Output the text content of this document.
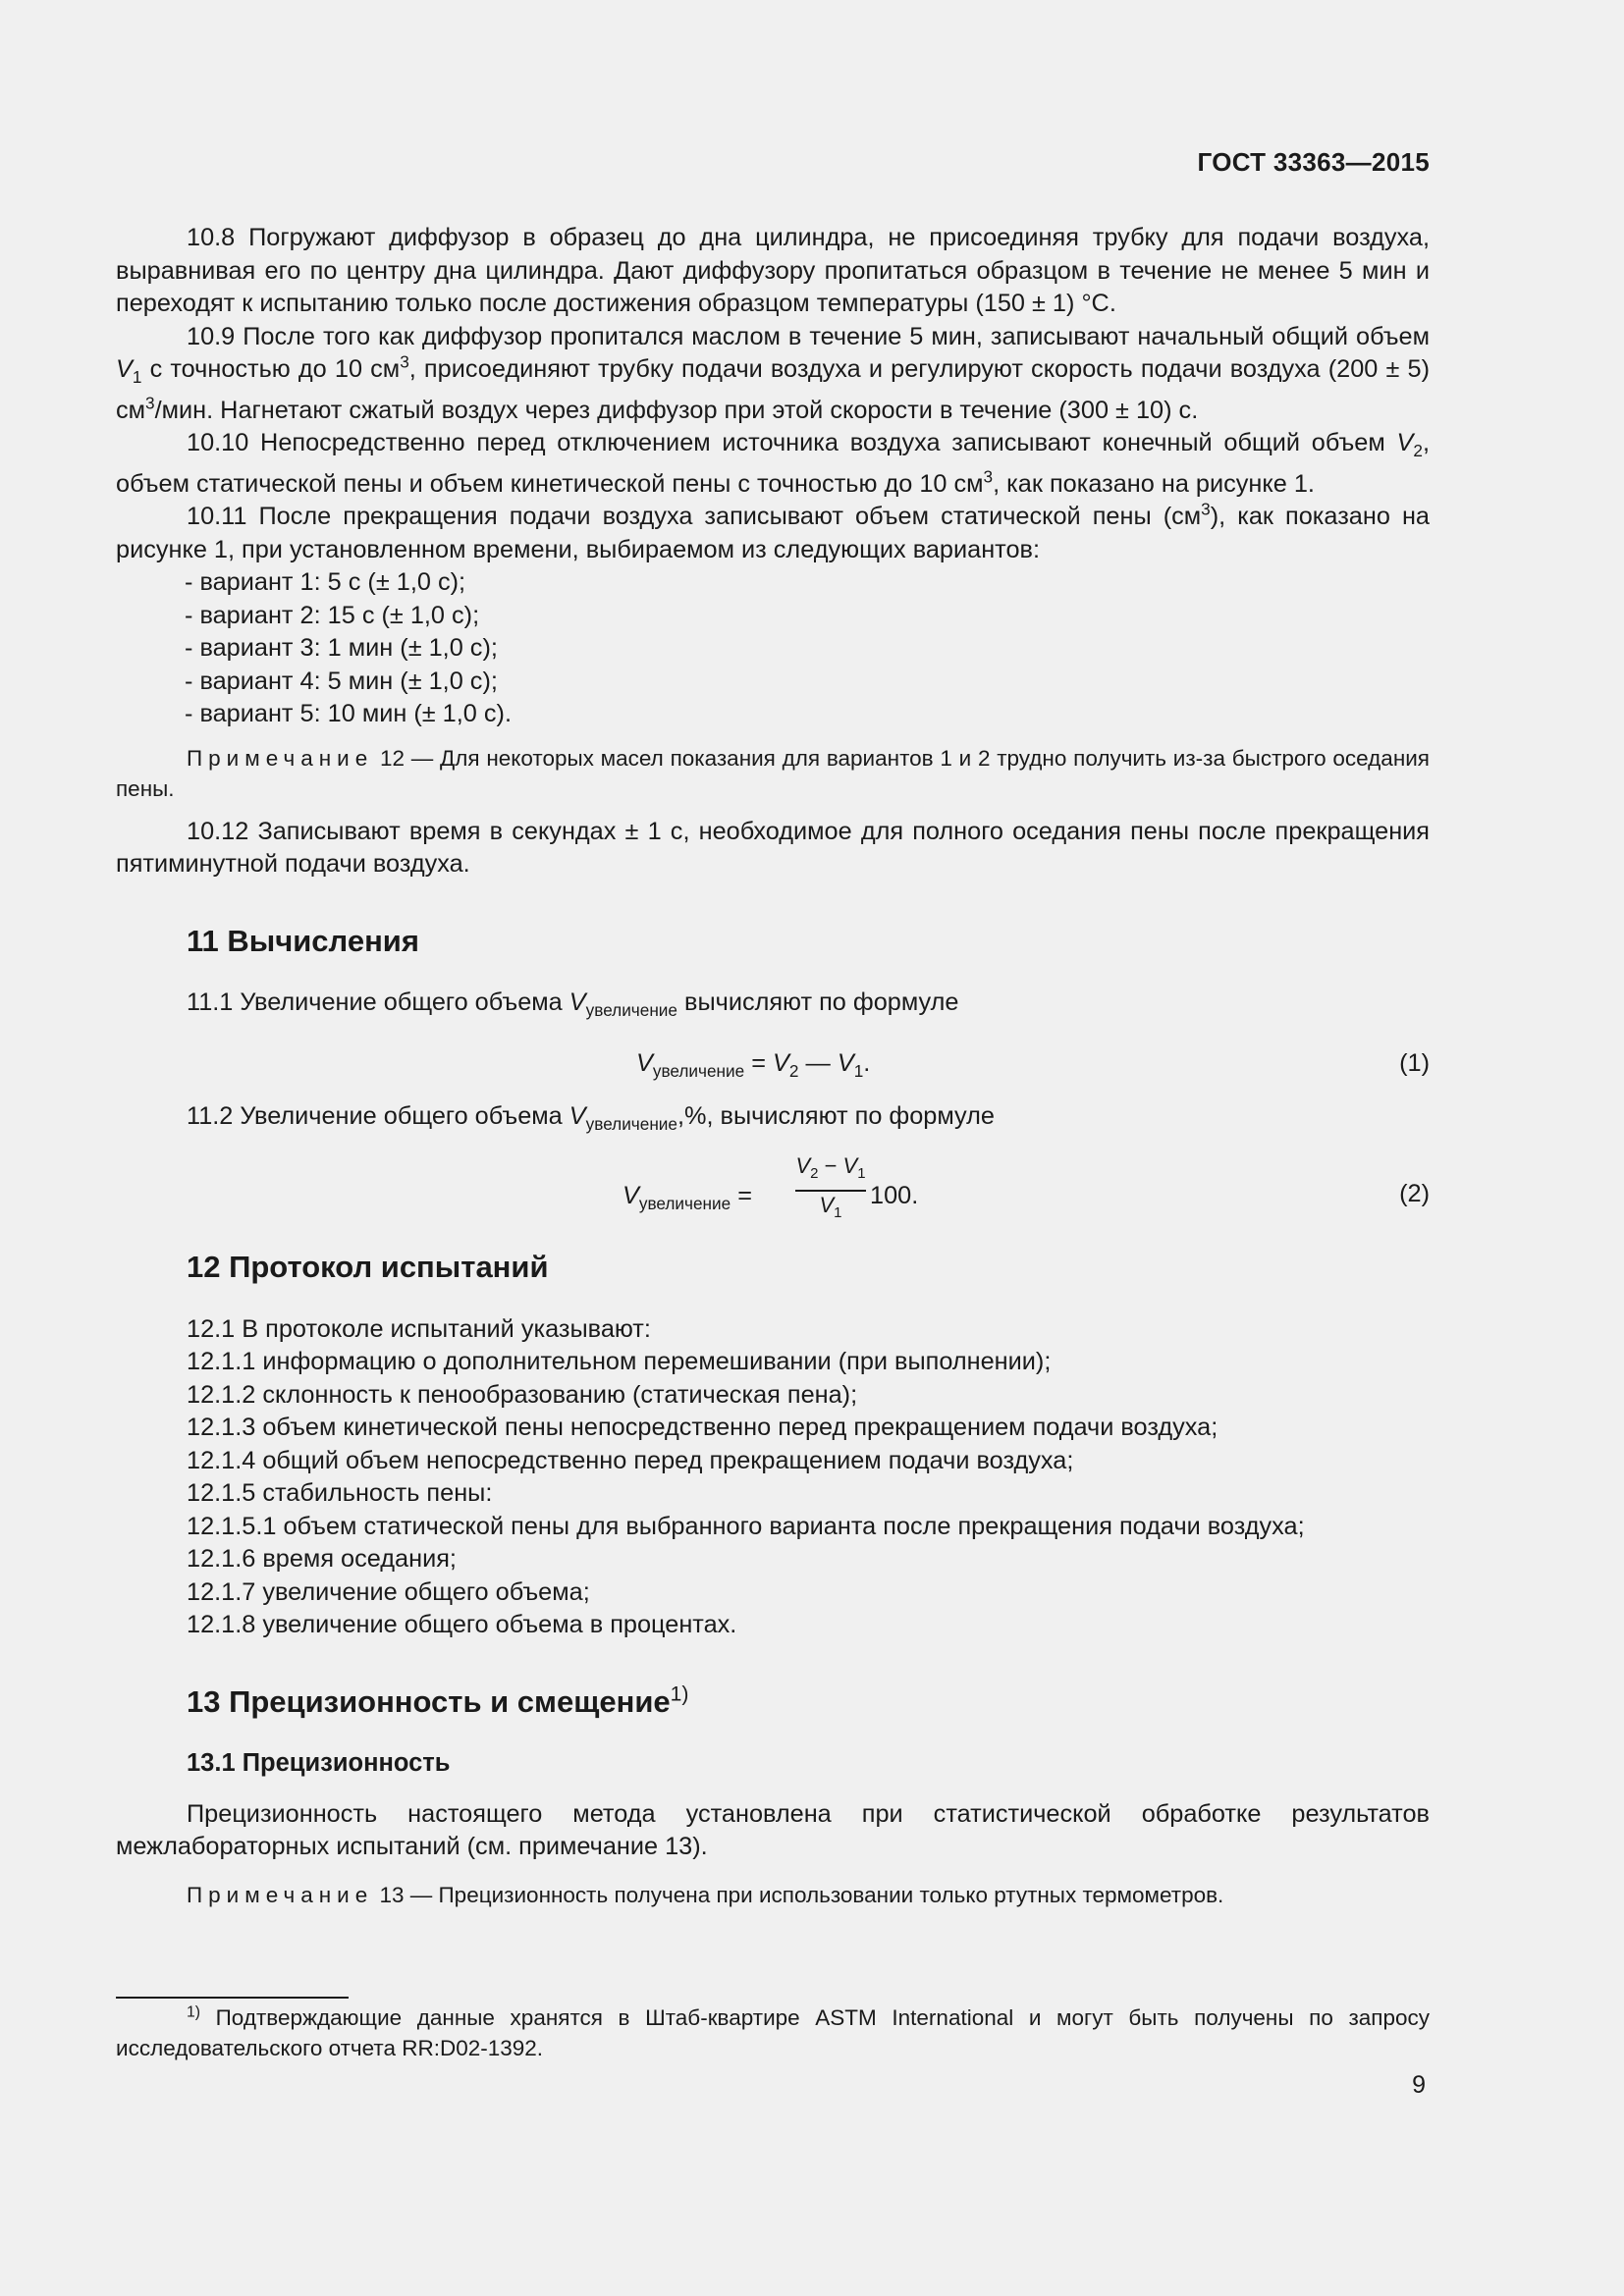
ГОСТ 33363—2015

10.8 Погружают диффузор в образец до дна цилиндра, не присоединяя трубку для подачи воздуха, выравнивая его по центру дна цилиндра. Дают диффузору пропитаться образцом в течение не менее 5 мин и переходят к испытанию только после достижения образцом температуры (150 ± 1) °С.

10.9 После того как диффузор пропитался маслом в течение 5 мин, записывают начальный общий объем $V_1$ с точностью до 10 $см^3$, присоединяют трубку подачи воздуха и регулируют скорость подачи воздуха (200 ± 5) $см^3$/мин. Нагнетают сжатый воздух через диффузор при этой скорости в течение (300 ± 10) с.

10.10 Непосредственно перед отключением источника воздуха записывают конечный общий объем $V_2$, объем статической пены и объем кинетической пены с точностью до 10 $см^3$, как показано на рисунке 1.

10.11 После прекращения подачи воздуха записывают объем статической пены $(см^3)$, как показано на рисунке 1, при установленном времени, выбираемом из следующих вариантов:

- вариант 1: 5 с (± 1,0 с);

- вариант 2: 15 с (± 1,0 с);

- вариант 3: 1 мин (± 1,0 с);

- вариант 4: 5 мин (± 1,0 с);

- вариант 5: 10 мин (± 1,0 с).

Примечание 12 — Для некоторых масел показания для вариантов 1 и 2 трудно получить из-за быстрого оседания пены.

10.12 Записывают время в секундах ± 1 с, необходимое для полного оседания пены после прекращения пятиминутной подачи воздуха.

11 Вычисления

11.1 Увеличение общего объема $V_{увеличение}$ вычисляют по формуле

$V_{увеличение} = V_2$ — $V_1$.	(1)

11.2 Увеличение общего объема $V_{увеличение},\%$, вычисляют по формуле

$V_{увеличение}$ =
$V_2 - V_1$
$V_1$
100.	(2)
12 Протокол испытаний

12.1 В протоколе испытаний указывают:

12.1.1 информацию о дополнительном перемешивании (при выполнении);

12.1.2 склонность к пенообразованию (статическая пена);

12.1.3 объем кинетической пены непосредственно перед прекращением подачи воздуха;

12.1.4 общий объем непосредственно перед прекращением подачи воздуха;

12.1.5 стабильность пены:

12.1.5.1 объем статической пены для выбранного варианта после прекращения подачи воздуха;

12.1.6 время оседания;

12.1.7 увеличение общего объема;

12.1.8 увеличение общего объема в процентах.

13 Прецизионность и смещение$^{1)}$
13.1 Прецизионность

Прецизионность настоящего метода установлена при статистической обработке результатов межлабораторных испытаний (см. примечание 13).

Примечание 13 — Прецизионность получена при использовании только ртутных термометров.

$^{1)}$ Подтверждающие данные хранятся в Штаб-квартире ASTM International и могут быть получены по запросу исследовательского отчета RR:D02-1392.

9
